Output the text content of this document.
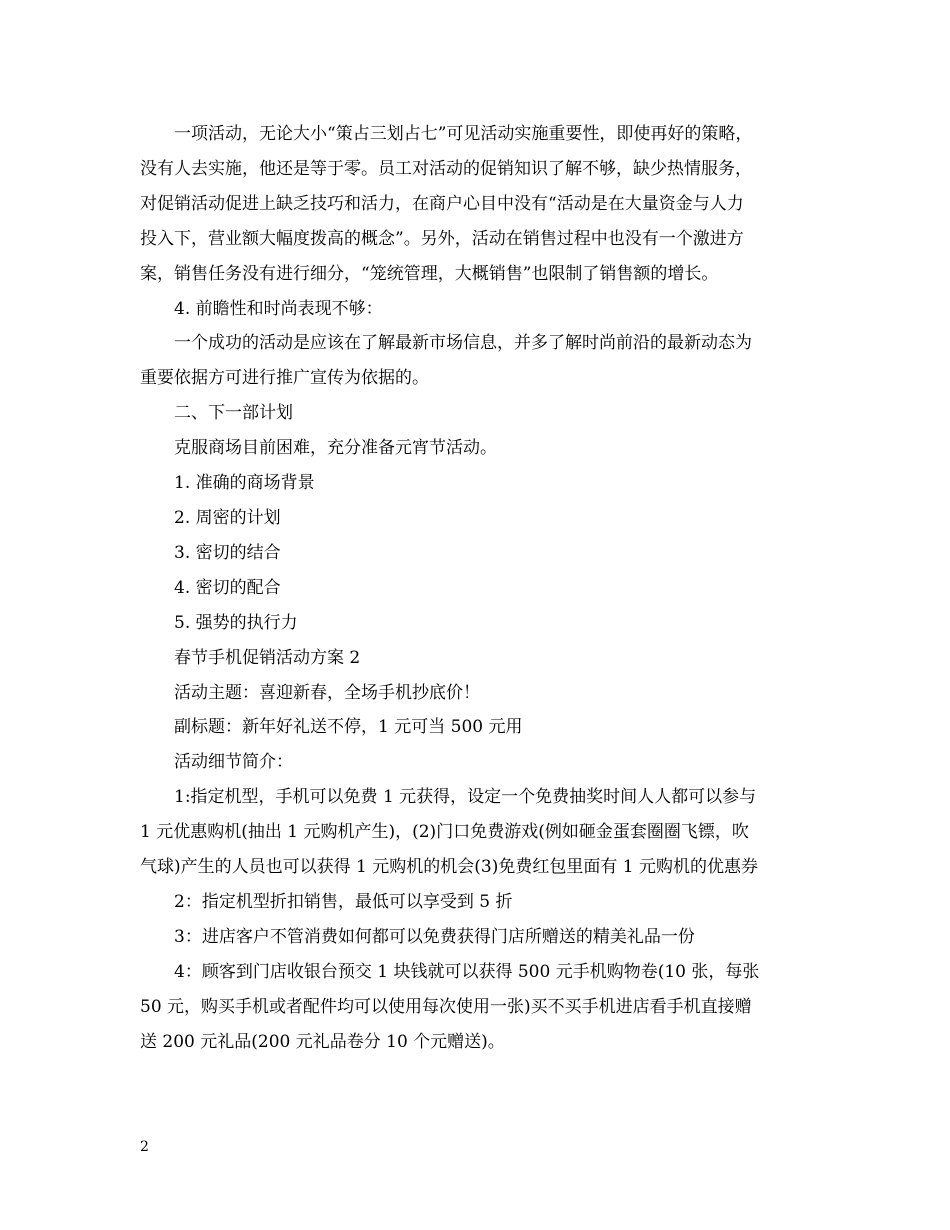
一项活动，无论大小“策占三划占七”可见活动实施重要性，即使再好的策略，
没有人去实施，他还是等于零。员工对活动的促销知识了解不够，缺少热情服务，
对促销活动促进上缺乏技巧和活力，在商户心目中没有“活动是在大量资金与人力
投入下，营业额大幅度拨高的概念”。另外，活动在销售过程中也没有一个激进方
案，销售任务没有进行细分，“笼统管理，大概销售”也限制了销售额的增长。

4. 前瞻性和时尚表现不够：

一个成功的活动是应该在了解最新市场信息，并多了解时尚前沿的最新动态为
重要依据方可进行推广宣传为依据的。

二、下一部计划

克服商场目前困难，充分准备元宵节活动。

1. 准确的商场背景

2. 周密的计划

3. 密切的结合

4. 密切的配合

5. 强势的执行力

春节手机促销活动方案 2

活动主题：喜迎新春，全场手机抄底价！

副标题：新年好礼送不停，1 元可当 500 元用

活动细节简介：

1:指定机型，手机可以免费 1 元获得，设定一个免费抽奖时间人人都可以参与
1 元优惠购机(抽出 1 元购机产生)，(2)门口免费游戏(例如砸金蛋套圈圈飞镖，吹
气球)产生的人员也可以获得 1 元购机的机会(3)免费红包里面有 1 元购机的优惠券

2：指定机型折扣销售，最低可以享受到 5 折

3：进店客户不管消费如何都可以免费获得门店所赠送的精美礼品一份

4：顾客到门店收银台预交 1 块钱就可以获得 500 元手机购物卷(10 张，每张
50 元，购买手机或者配件均可以使用每次使用一张)买不买手机进店看手机直接赠
送 200 元礼品(200 元礼品卷分 10 个元赠送)。

2
